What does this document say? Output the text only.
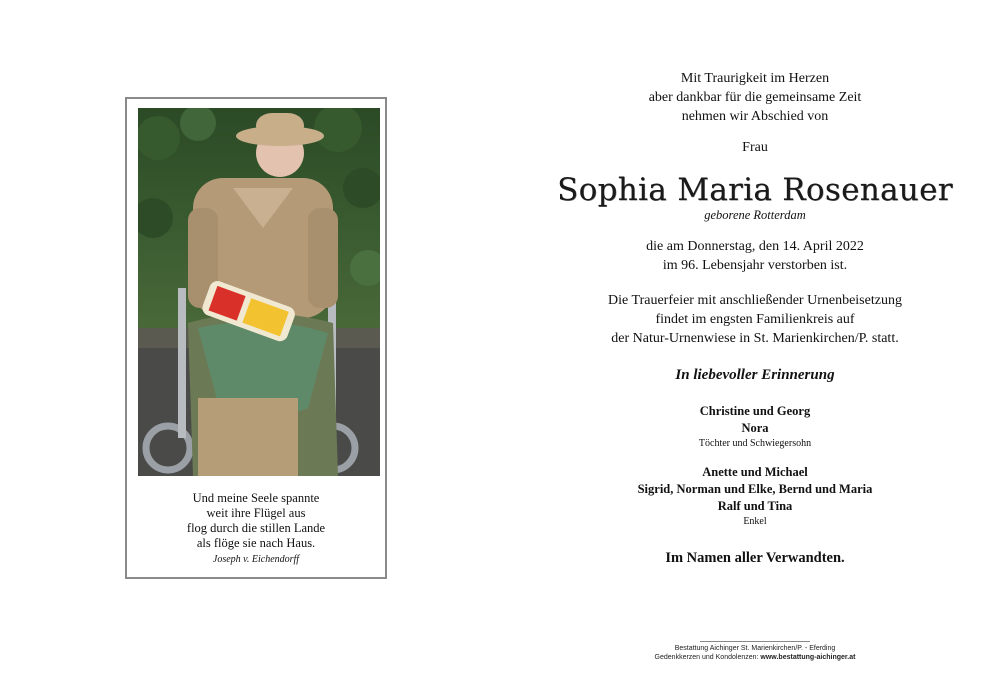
Und meine Seele spannte
weit ihre Flügel aus
flog durch die stillen Lande
als flöge sie nach Haus.
Joseph v. Eichendorff
Mit Traurigkeit im Herzen
aber dankbar für die gemeinsame Zeit
nehmen wir Abschied von
Frau
Sophia Maria Rosenauer
geborene Rotterdam
die am Donnerstag, den 14. April 2022
im 96. Lebensjahr verstorben ist.
Die Trauerfeier mit anschließender Urnenbeisetzung
findet im engsten Familienkreis auf
der Natur-Urnenwiese in St. Marienkirchen/P. statt.
In liebevoller Erinnerung
Christine und Georg
Nora
Töchter und Schwiegersohn
Anette und Michael
Sigrid, Norman und Elke, Bernd und Maria
Ralf und Tina
Enkel
Im Namen aller Verwandten.
Bestattung Aichinger St. Marienkirchen/P. - Eferding
Gedenkkerzen und Kondolenzen: www.bestattung-aichinger.at
